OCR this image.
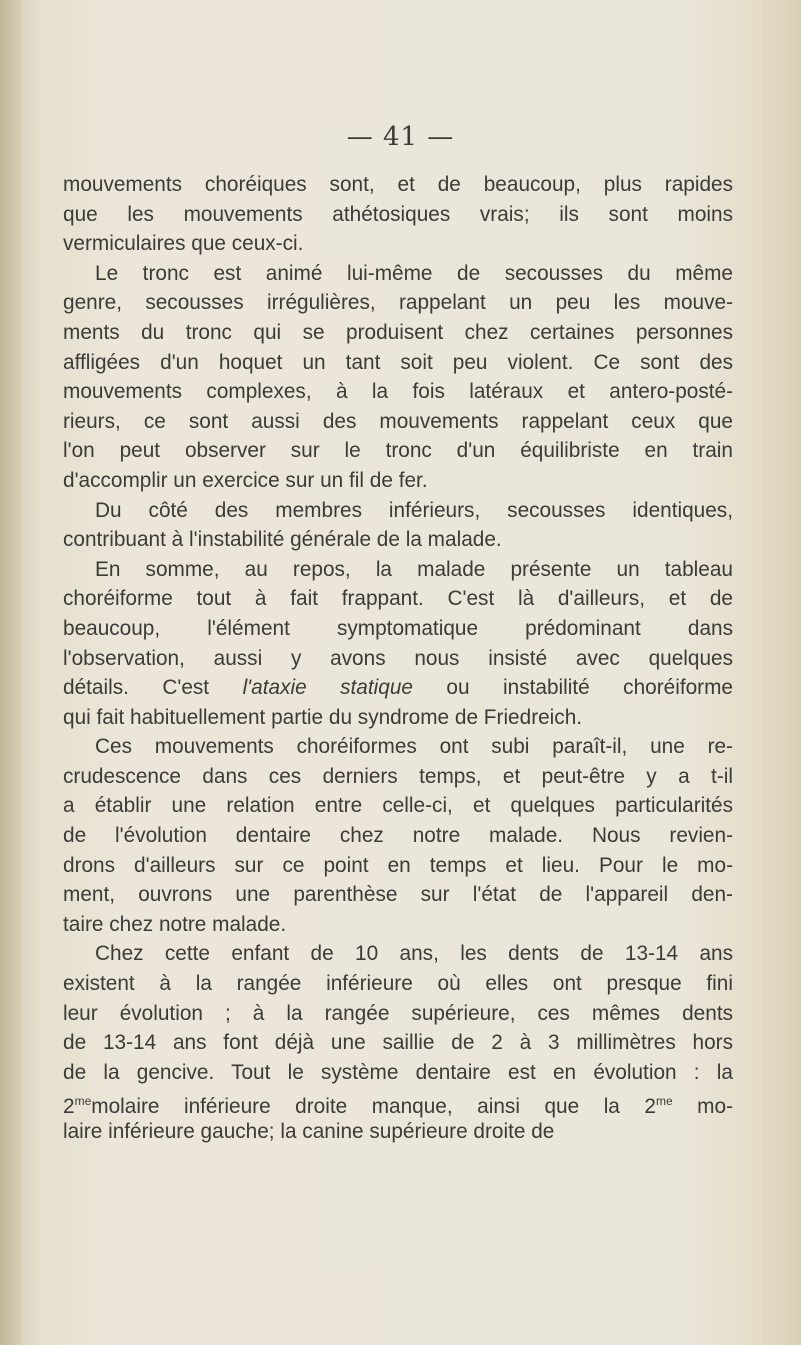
— 41 —
mouvements choréiques sont, et de beaucoup, plus rapides
que les mouvements athétosiques vrais; ils sont moins
vermiculaires que ceux-ci.
Le tronc est animé lui-même de secousses du même
genre, secousses irrégulières, rappelant un peu les mouve-
ments du tronc qui se produisent chez certaines personnes
affligées d'un hoquet un tant soit peu violent. Ce sont des
mouvements complexes, à la fois latéraux et antero-posté-
rieurs, ce sont aussi des mouvements rappelant ceux que
l'on peut observer sur le tronc d'un équilibriste en train
d'accomplir un exercice sur un fil de fer.
Du côté des membres inférieurs, secousses identiques,
contribuant à l'instabilité générale de la malade.
En somme, au repos, la malade présente un tableau
choréiforme tout à fait frappant. C'est là d'ailleurs, et de
beaucoup, l'élément symptomatique prédominant dans
l'observation, aussi y avons nous insisté avec quelques
détails. C'est l'ataxie statique ou instabilité choréiforme
qui fait habituellement partie du syndrome de Friedreich.
Ces mouvements choréiformes ont subi paraît-il, une re-
crudescence dans ces derniers temps, et peut-être y a t-il
a établir une relation entre celle-ci, et quelques particularités
de l'évolution dentaire chez notre malade. Nous revien-
drons d'ailleurs sur ce point en temps et lieu. Pour le mo-
ment, ouvrons une parenthèse sur l'état de l'appareil den-
taire chez notre malade.
Chez cette enfant de 10 ans, les dents de 13-14 ans
existent à la rangée inférieure où elles ont presque fini
leur évolution ; à la rangée supérieure, ces mêmes dents
de 13-14 ans font déjà une saillie de 2 à 3 millimètres hors
de la gencive. Tout le système dentaire est en évolution : la
$2^{me}molaire$ inférieure droite manque, ainsi que la $2^{me}$ mo-
laire inférieure gauche; la canine supérieure droite de
